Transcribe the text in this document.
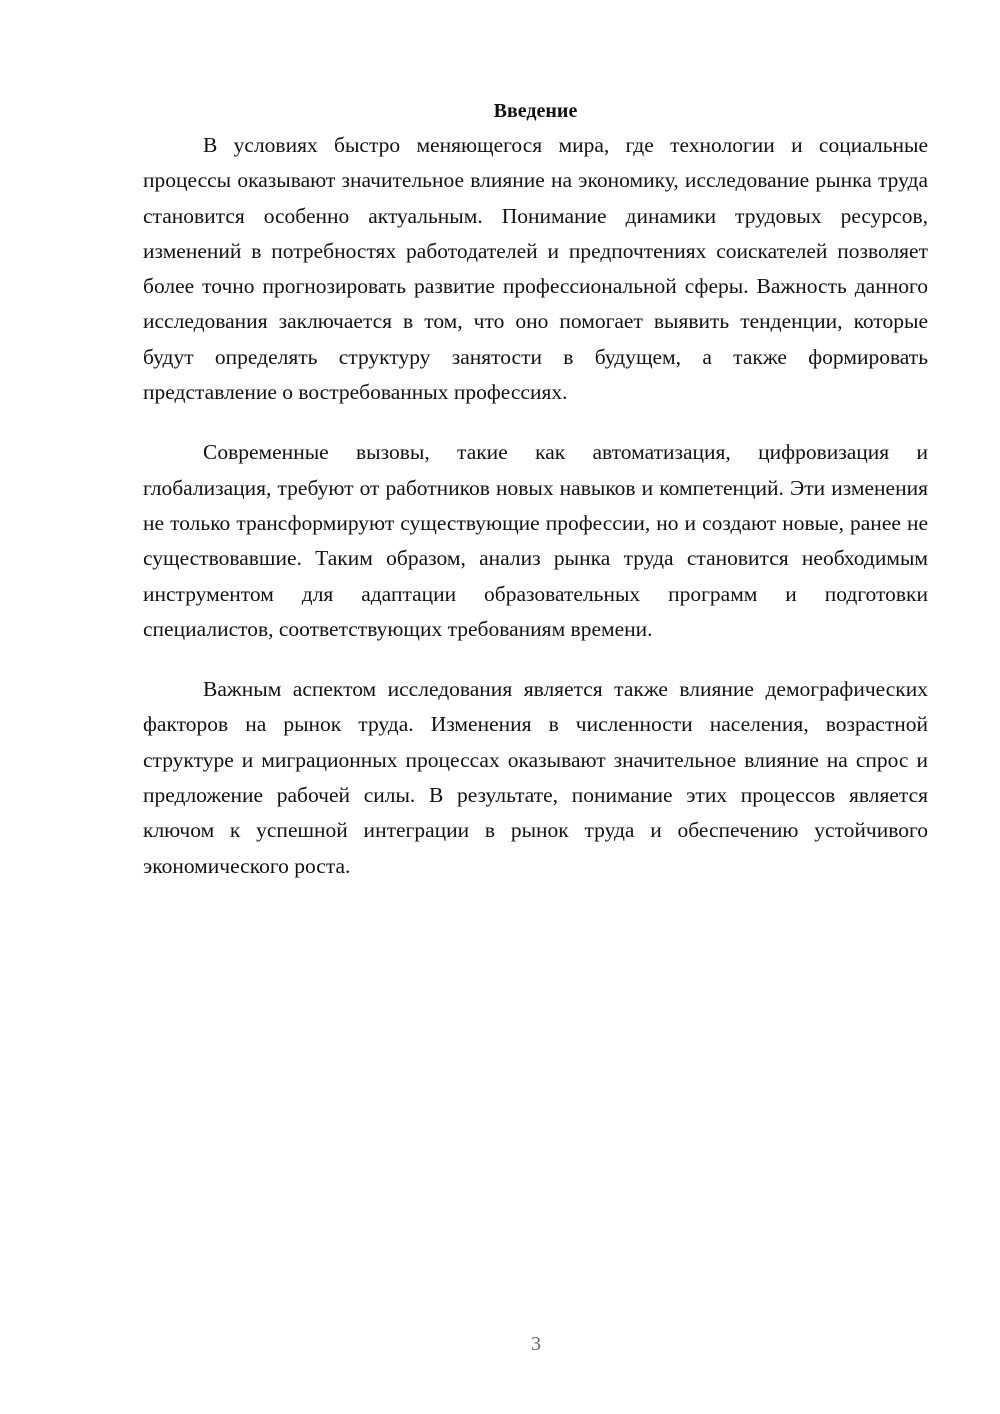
Введение

В условиях быстро меняющегося мира, где технологии и социальные процессы оказывают значительное влияние на экономику, исследование рынка труда становится особенно актуальным. Понимание динамики трудовых ресурсов, изменений в потребностях работодателей и предпочтениях соискателей позволяет более точно прогнозировать развитие профессиональной сферы. Важность данного исследования заключается в том, что оно помогает выявить тенденции, которые будут определять структуру занятости в будущем, а также формировать представление о востребованных профессиях.

Современные вызовы, такие как автоматизация, цифровизация и глобализация, требуют от работников новых навыков и компетенций. Эти изменения не только трансформируют существующие профессии, но и создают новые, ранее не существовавшие. Таким образом, анализ рынка труда становится необходимым инструментом для адаптации образовательных программ и подготовки специалистов, соответствующих требованиям времени.

Важным аспектом исследования является также влияние демографических факторов на рынок труда. Изменения в численности населения, возрастной структуре и миграционных процессах оказывают значительное влияние на спрос и предложение рабочей силы. В результате, понимание этих процессов является ключом к успешной интеграции в рынок труда и обеспечению устойчивого экономического роста.

3
